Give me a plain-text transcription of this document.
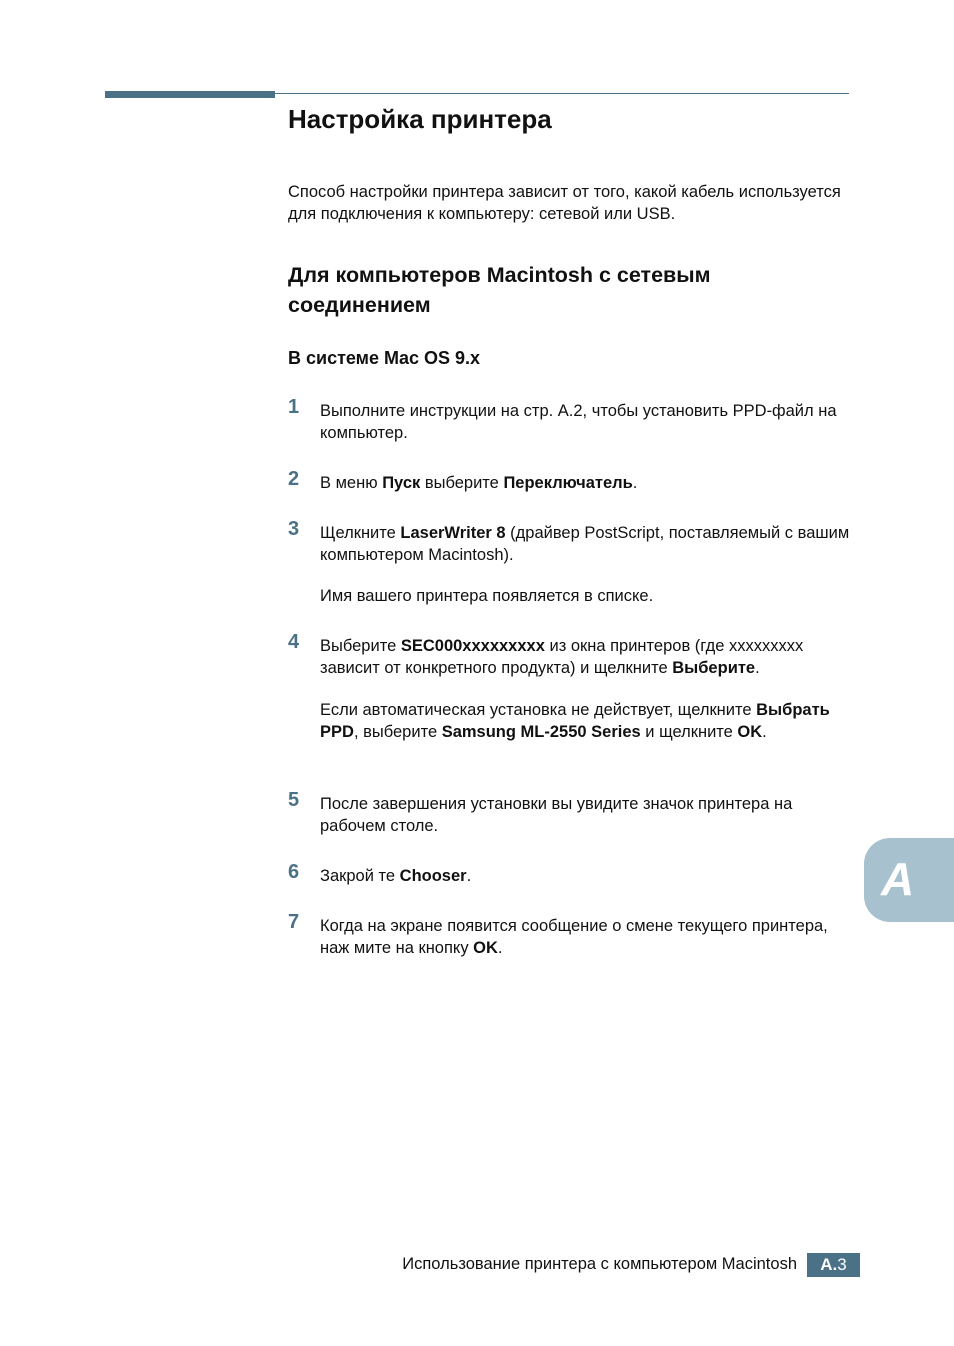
Настройка принтера

Способ настройки принтера зависит от того, какой кабель используется для подключения к компьютеру: сетевой или USB.

Для компьютеров Macintosh с сетевым
соединением
В системе Mac OS 9.x
1	Выполните инструкции на стр. A.2, чтобы установить PPD-файл на компьютер.

2	В меню Пуск выберите Переключатель.

3	Щелкните LaserWriter 8 (драйвер PostScript, поставляемый с вашим компьютером Macintosh).

Имя вашего принтера появляется в списке.

4	Выберите SEC000xxxxxxxxx из окна принтеров (где xxxxxxxxx зависит от конкретного продукта) и щелкните Выберите.

Если автоматическая установка не действует, щелкните Выбрать PPD, выберите Samsung ML-2550 Series и щелкните OK.

5	После завершения установки вы увидите значок принтера на рабочем столе.

6	Закрой те Chooser.

7	Когда на экране появится сообщение о смене текущего принтера, наж мите на кнопку OK.

A
Использование принтера с компьютером Macintosh	A.3
